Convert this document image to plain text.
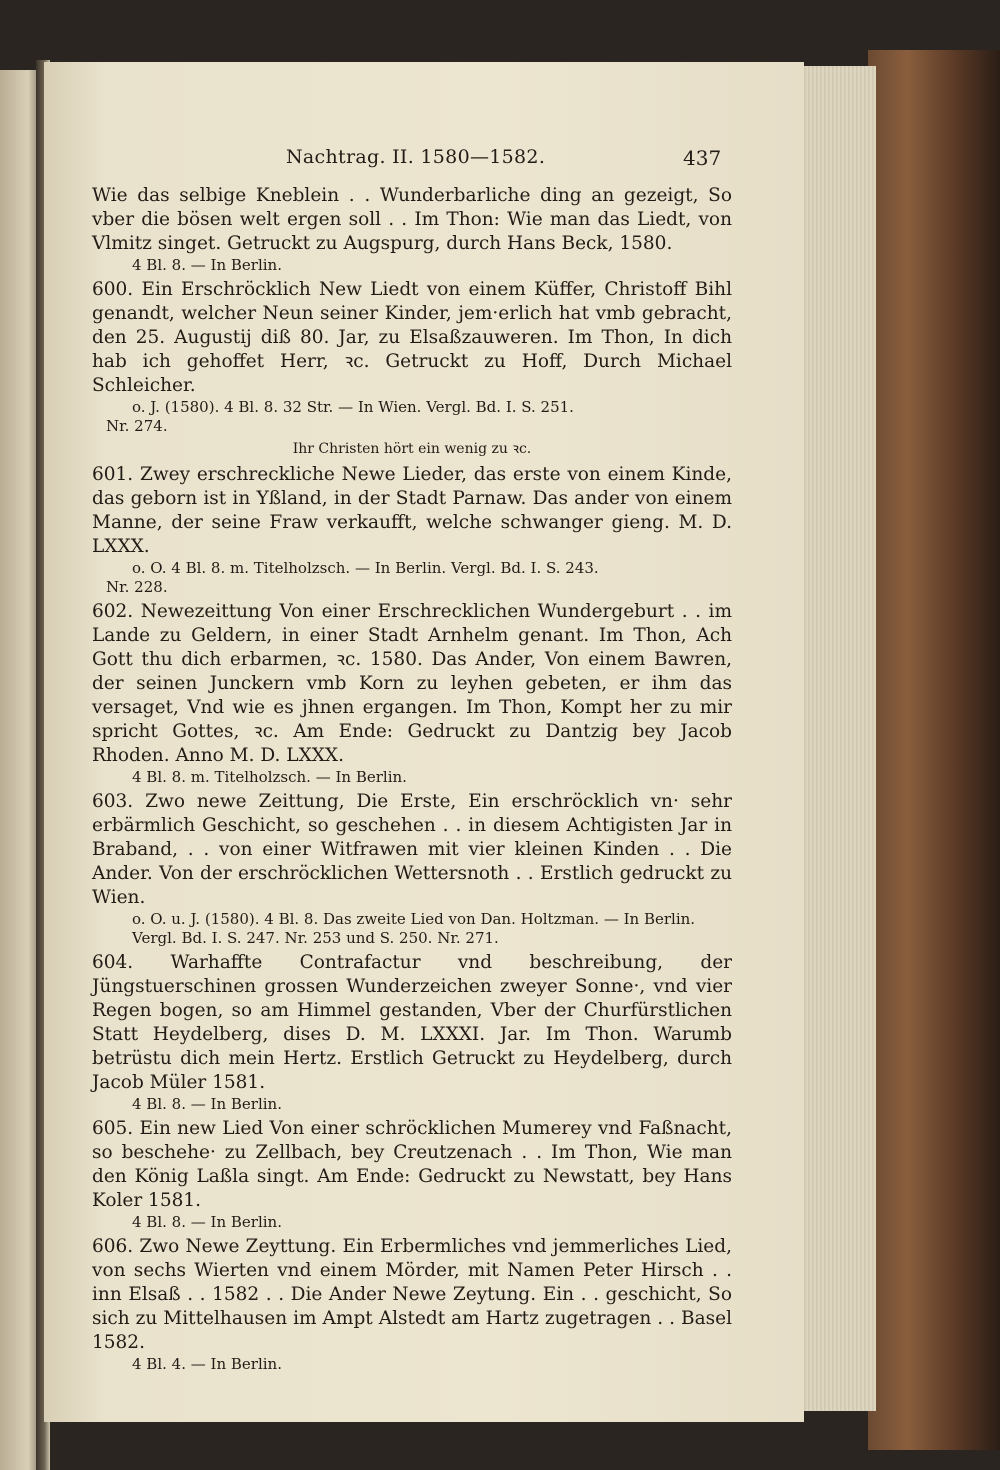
Nachtrag. II. 1580—1582.	437

Wie das selbige Kneblein . . Wunderbarliche ding an gezeigt, So vber die bösen welt ergen soll . . Im Thon: Wie man das Liedt, von Vlmitz singet. Getruckt zu Augspurg, durch Hans Beck, 1580.

4 Bl. 8. — In Berlin.

600. Ein Erschröcklich New Liedt von einem Küffer, Christoff Bihl genandt, welcher Neun seiner Kinder, jem·erlich hat vmb gebracht, den 25. Augustij diß 80. Jar, zu Elsaßzauweren. Im Thon, In dich hab ich gehoffet Herr, ꝛc. Getruckt zu Hoff, Durch Michael Schleicher.

o. J. (1580). 4 Bl. 8. 32 Str. — In Wien. Vergl. Bd. I. S. 251.

Nr. 274.

Ihr Christen hört ein wenig zu ꝛc.

601. Zwey erschreckliche Newe Lieder, das erste von einem Kinde, das geborn ist in Yßland, in der Stadt Parnaw. Das ander von einem Manne, der seine Fraw verkaufft, welche schwanger gieng. M. D. LXXX.

o. O. 4 Bl. 8. m. Titelholzsch. — In Berlin. Vergl. Bd. I. S. 243.

Nr. 228.

602. Newezeittung Von einer Erschrecklichen Wundergeburt . . im Lande zu Geldern, in einer Stadt Arnhelm genant. Im Thon, Ach Gott thu dich erbarmen, ꝛc. 1580. Das Ander, Von einem Bawren, der seinen Junckern vmb Korn zu leyhen gebeten, er ihm das versaget, Vnd wie es jhnen ergangen. Im Thon, Kompt her zu mir spricht Gottes, ꝛc. Am Ende: Gedruckt zu Dantzig bey Jacob Rhoden. Anno M. D. LXXX.

4 Bl. 8. m. Titelholzsch. — In Berlin.

603. Zwo newe Zeittung, Die Erste, Ein erschröcklich vn· sehr erbärmlich Geschicht, so geschehen . . in diesem Achtigisten Jar in Braband, . . von einer Witfrawen mit vier kleinen Kinden . . Die Ander. Von der erschröcklichen Wettersnoth . . Erstlich gedruckt zu Wien.

o. O. u. J. (1580). 4 Bl. 8. Das zweite Lied von Dan. Holtzman. — In Berlin. Vergl. Bd. I. S. 247. Nr. 253 und S. 250. Nr. 271.

604. Warhaffte Contrafactur vnd beschreibung, der Jüngstuerschinen grossen Wunderzeichen zweyer Sonne·, vnd vier Regen bogen, so am Himmel gestanden, Vber der Churfürstlichen Statt Heydelberg, dises D. M. LXXXI. Jar. Im Thon. Warumb betrüstu dich mein Hertz. Erstlich Getruckt zu Heydelberg, durch Jacob Müler 1581.

4 Bl. 8. — In Berlin.

605. Ein new Lied Von einer schröcklichen Mumerey vnd Faßnacht, so beschehe· zu Zellbach, bey Creutzenach . . Im Thon, Wie man den König Laßla singt. Am Ende: Gedruckt zu Newstatt, bey Hans Koler 1581.

4 Bl. 8. — In Berlin.

606. Zwo Newe Zeyttung. Ein Erbermliches vnd jemmerliches Lied, von sechs Wierten vnd einem Mörder, mit Namen Peter Hirsch . . inn Elsaß . . 1582 . . Die Ander Newe Zeytung. Ein . . geschicht, So sich zu Mittelhausen im Ampt Alstedt am Hartz zugetragen . . Basel 1582.

4 Bl. 4. — In Berlin.
